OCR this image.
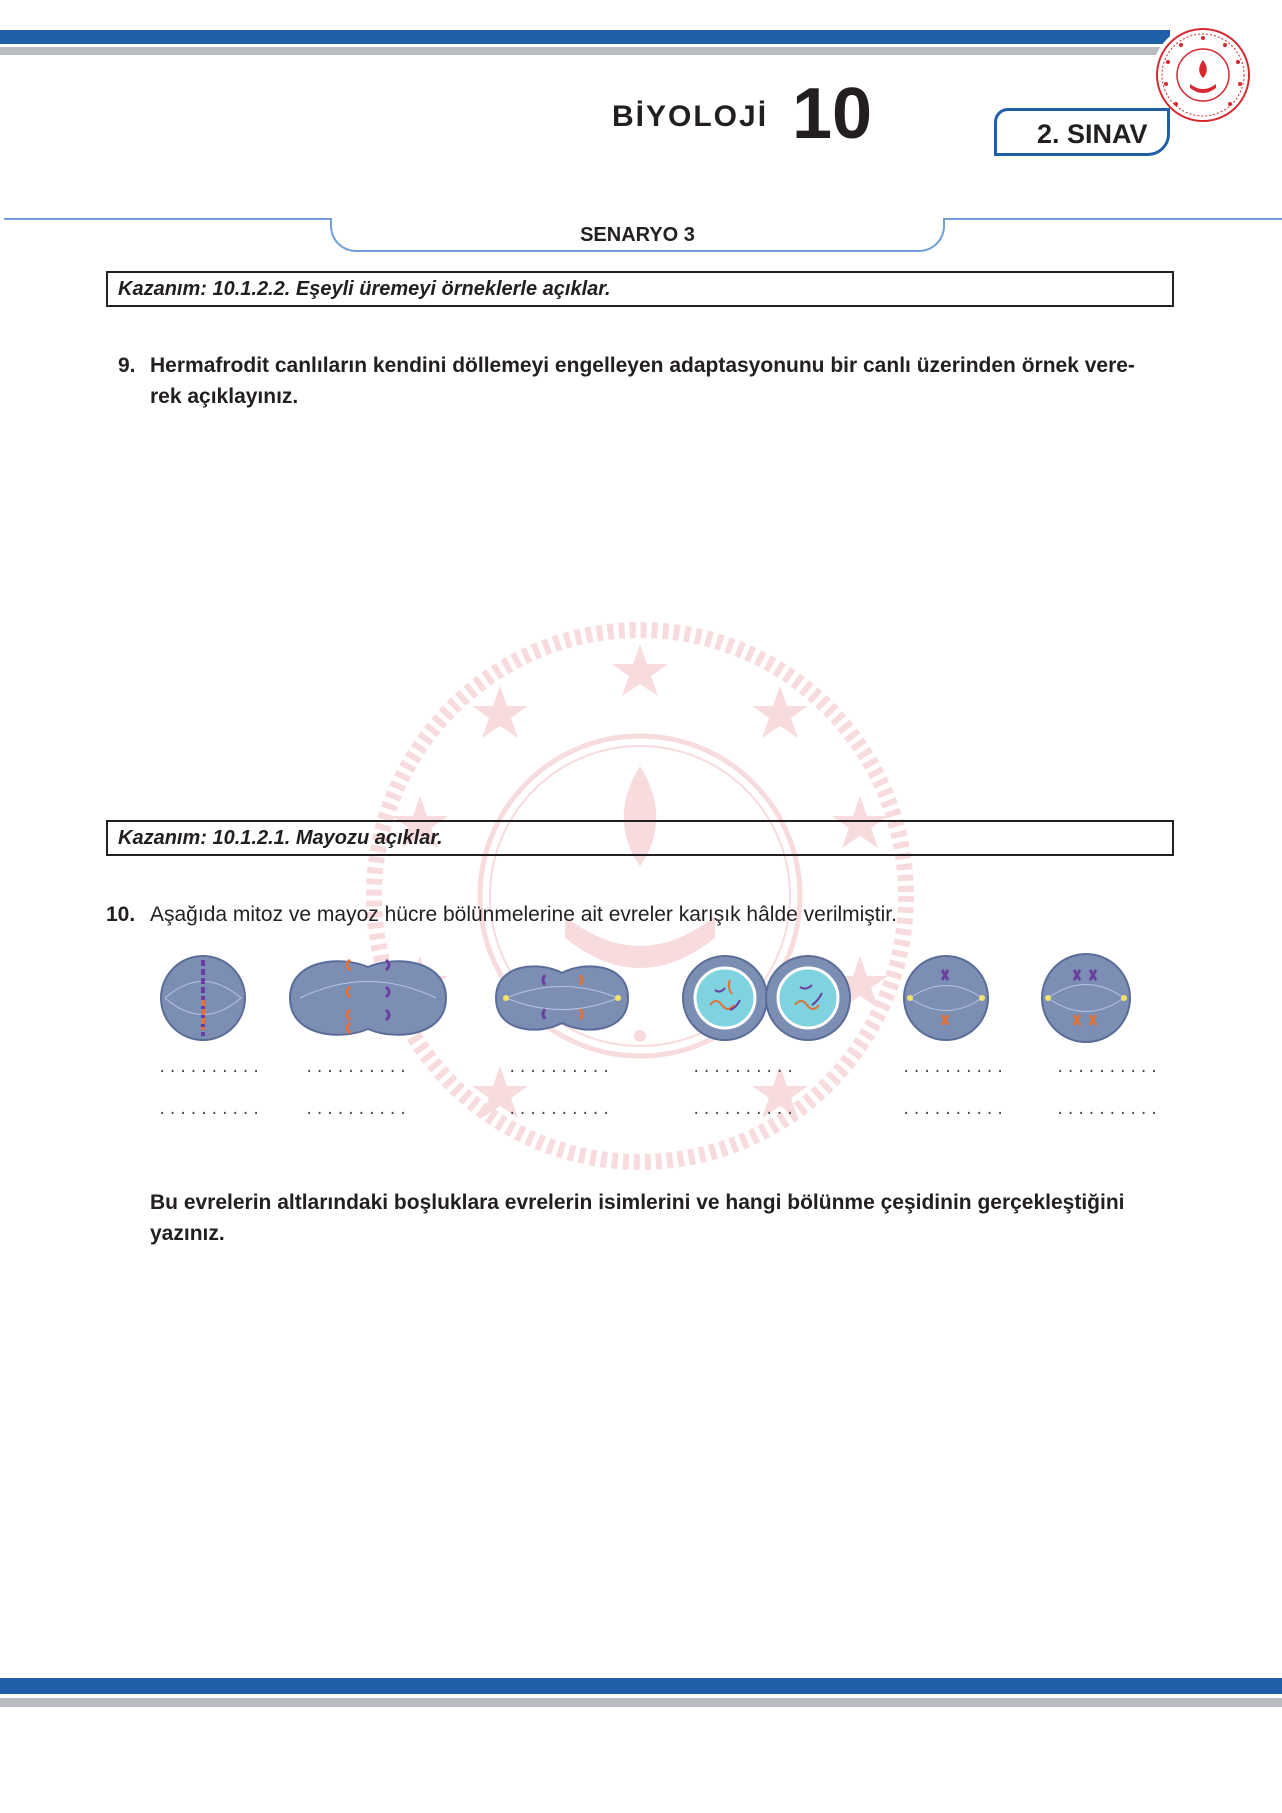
BİYOLOJİ 10	2. SINAV
SENARYO 3
Kazanım: 10.1.2.2. Eşeyli üremeyi örneklerle açıklar.
9. Hermafrodit canlıların kendini döllemeyi engelleyen adaptasyonunu bir canlı üzerinden örnek vere-
rek açıklayınız.
Kazanım: 10.1.2.1. Mayozu açıklar.
10. Aşağıda mitoz ve mayoz hücre bölünmelerine ait evreler karışık hâlde verilmiştir.
..........	..........	..........	..........	..........	..........
..........	..........	..........	..........	..........	..........
Bu evrelerin altlarındaki boşluklara evrelerin isimlerini ve hangi bölünme çeşidinin gerçekleştiğini
yazınız.
